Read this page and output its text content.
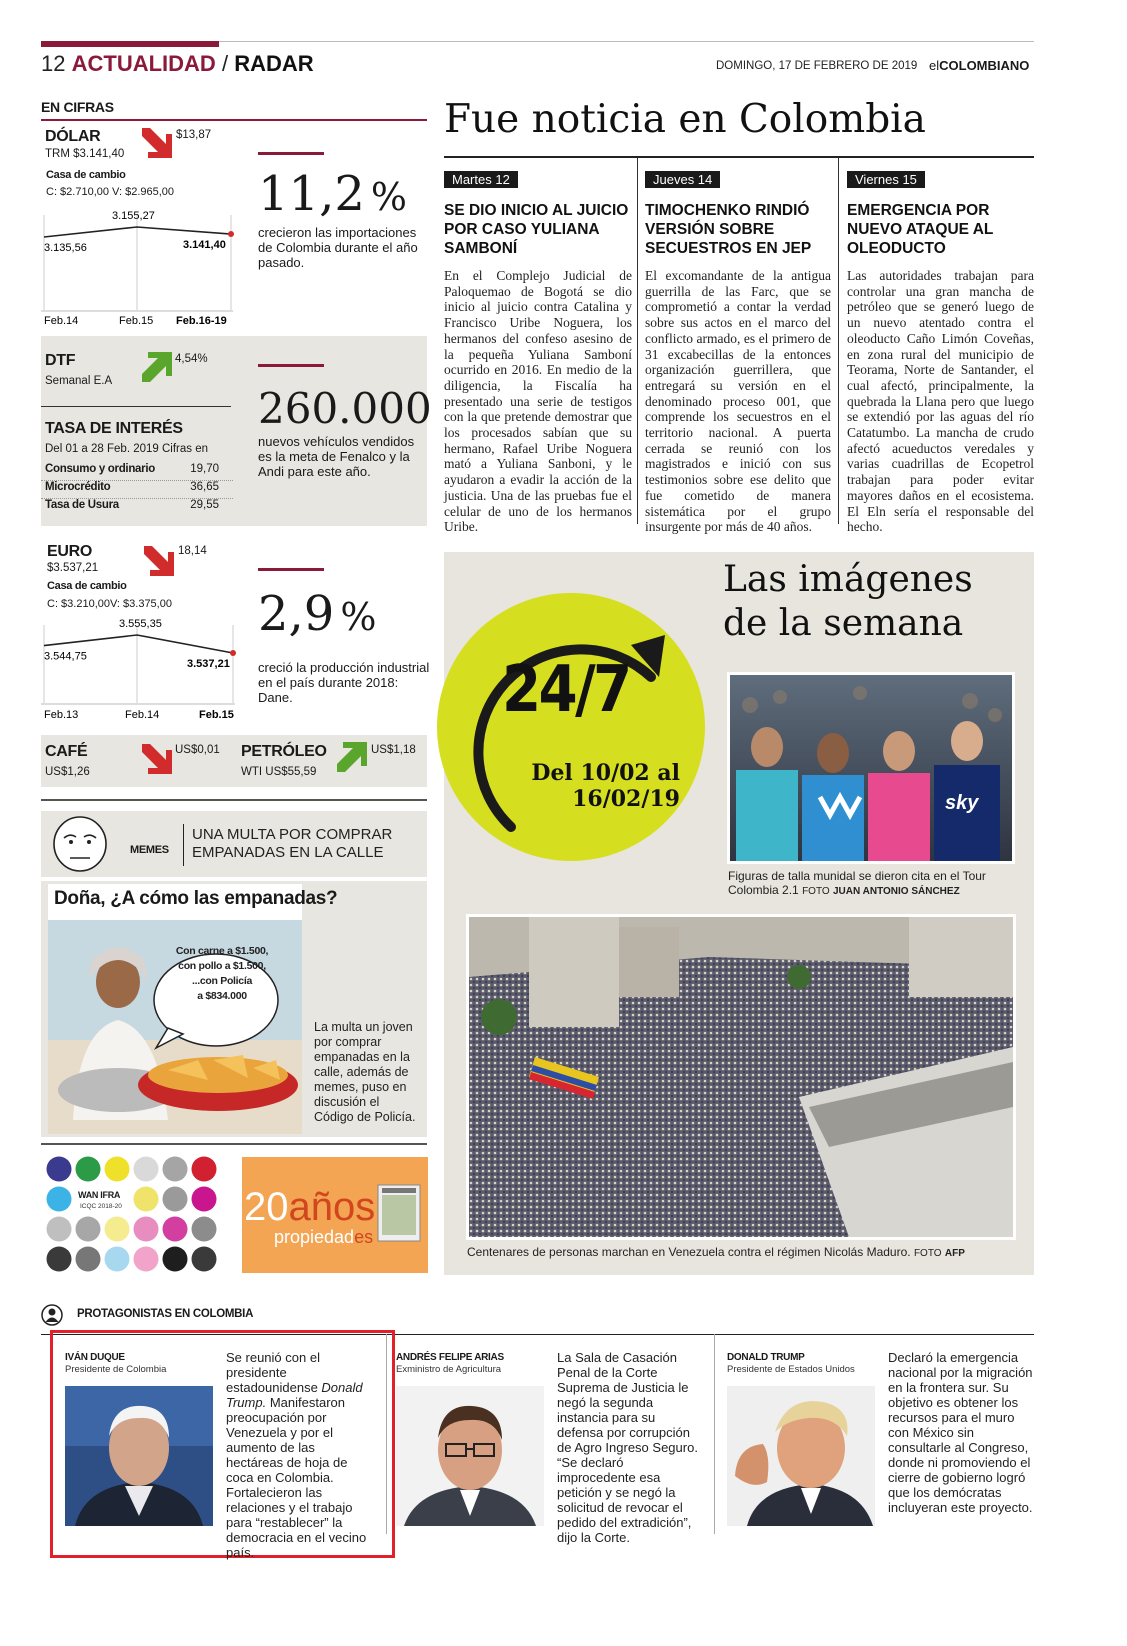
12 ACTUALIDAD / RADAR	DOMINGO, 17 DE FEBRERO DE 2019 elCOLOMBIANO
EN CIFRAS
DÓLAR
TRM $3.141,40
$13,87
Casa de cambio
C: $2.710,00 V: $2.965,00
3.135,56
3.155,27
3.141,40
Feb.14	Feb.15 Feb.16-19
11,2 %
crecieron las importaciones de Colombia durante el año pasado.
DTF
Semanal E.A
4,54%
TASA DE INTERÉS
Del 01 a 28 Feb. 2019 Cifras en
Consumo y ordinario	19,70
Microcrédito	36,65
Tasa de Usura	29,55
260.000
nuevos vehículos vendidos es la meta de Fenalco y la Andi para este año.
EURO
$3.537,21
18,14
Casa de cambio
C: $3.210,00V: $3.375,00
3.544,75
3.555,35
3.537,21
Feb.13	Feb.14	Feb.15
2,9 %
creció la producción industrial en el país durante 2018: Dane.
CAFÉ
US$1,26
US$0,01 PETRÓLEO
WTI US$55,59
US$1,18
MEMES
UNA MULTA POR COMPRAR EMPANADAS EN LA CALLE
Doña, ¿A cómo las empanadas?
Con carne a $1.500,
con pollo a $1.500,
...con Policía
a $834.000
La multa un joven por comprar empanadas en la calle, además de memes, puso en discusión el Código de Policía.
WAN IFRA
ICQC 2018-20	20años
propiedades
Fue noticia en Colombia
Martes 12
SE DIO INICIO AL JUICIO POR CASO YULIANA SAMBONÍ
En el Complejo Judicial de Paloquemao de Bogotá se dio inicio al juicio contra Catalina y Francisco Uribe Noguera, los hermanos del confeso asesino de la pequeña Yuliana Samboní ocurrido en 2016. En medio de la diligencia, la Fiscalía ha presentado una serie de testigos con la que pretende demostrar que los procesados sabían que su hermano, Rafael Uribe Noguera mató a Yuliana Sanboni, y le ayudaron a evadir la acción de la justicia. Una de las pruebas fue el celular de uno de los hermanos Uribe.
Jueves 14
TIMOCHENKO RINDIÓ VERSIÓN SOBRE SECUESTROS EN JEP
El excomandante de la antigua guerrilla de las Farc, que se comprometió a contar la verdad sobre sus actos en el marco del conflicto armado, es el primero de 31 excabecillas de la entonces organización guerrillera, que entregará su versión en el denominado proceso 001, que comprende los secuestros en el territorio nacional. A puerta cerrada se reunió con los magistrados e inició con sus testimonios sobre ese delito que fue cometido de manera sistemática por el grupo insurgente por más de 40 años.
Viernes 15
EMERGENCIA POR NUEVO ATAQUE AL OLEODUCTO
Las autoridades trabajan para controlar una gran mancha de petróleo que se generó luego de un nuevo atentado contra el oleoducto Caño Limón Coveñas, en zona rural del municipio de Teorama, Norte de Santander, el cual afectó, principalmente, la quebrada la Llana pero que luego se extendió por las aguas del río Catatumbo. La mancha de crudo afectó acueductos veredales y varias cuadrillas de Ecopetrol trabajan para poder evitar mayores daños en el ecosistema. El Eln sería el responsable del hecho.
Las imágenes
de la semana
24/7
Del 10/02 al
16/02/19	sky
Figuras de talla munidal se dieron cita en el Tour Colombia 2.1 FOTO JUAN ANTONIO SÁNCHEZ
Centenares de personas marchan en Venezuela contra el régimen Nicolás Maduro. FOTO AFP
PROTAGONISTAS EN COLOMBIA
IVÁN DUQUE
Presidente de Colombia
Se reunió con el presidente estadounidense Donald Trump. Manifestaron preocupación por Venezuela y por el aumento de las hectáreas de hoja de coca en Colombia. Fortalecieron las relaciones y el trabajo para “restablecer” la democracia en el vecino país.
ANDRÉS FELIPE ARIAS
Exministro de Agricultura
La Sala de Casación Penal de la Corte Suprema de Justicia le negó la segunda instancia para su defensa por corrupción de Agro Ingreso Seguro. “Se declaró improcedente esa petición y se negó la solicitud de revocar el pedido del extradición”, dijo la Corte.
DONALD TRUMP
Presidente de Estados Unidos
Declaró la emergencia nacional por la migración en la frontera sur. Su objetivo es obtener los recursos para el muro con México sin consultarle al Congreso, donde ni promoviendo el cierre de gobierno logró que los demócratas incluyeran este proyecto.
